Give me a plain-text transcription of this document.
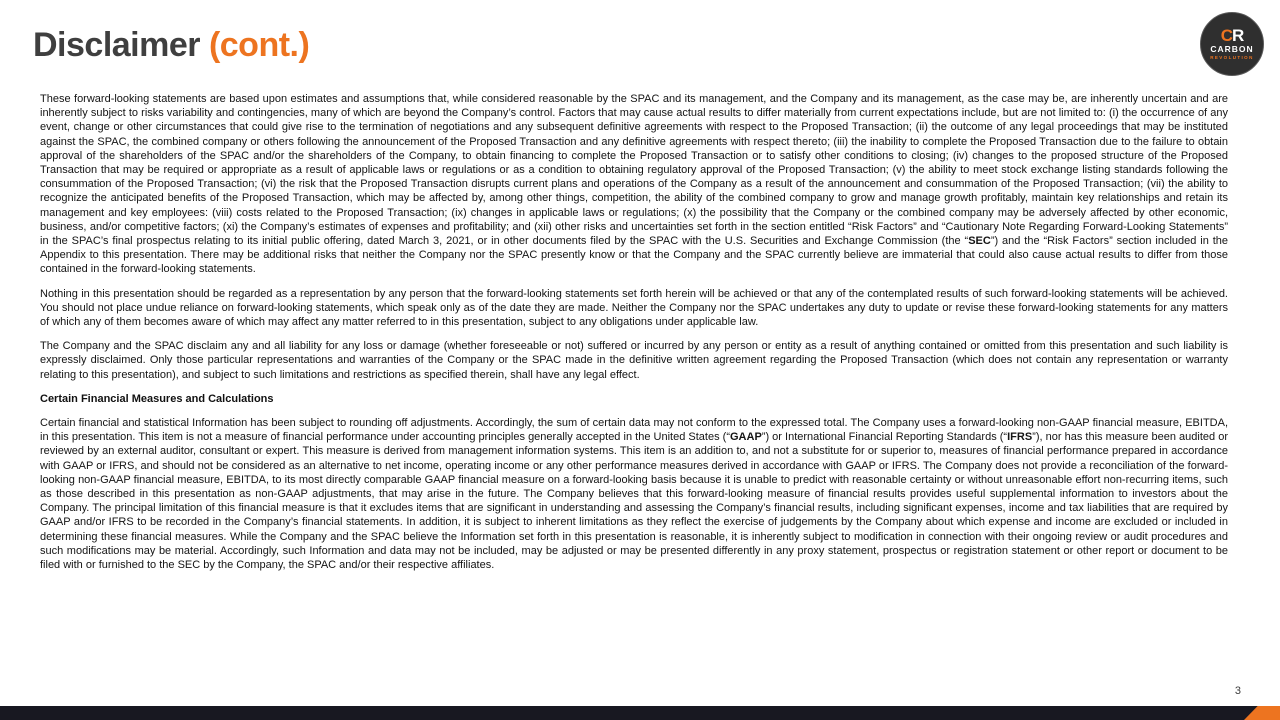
Disclaimer (cont.)	CR
CARBON
REVOLUTION

These forward-looking statements are based upon estimates and assumptions that, while considered reasonable by the SPAC and its management, and the Company and its management, as the case may be, are inherently uncertain and are inherently subject to risks variability and contingencies, many of which are beyond the Company’s control. Factors that may cause actual results to differ materially from current expectations include, but are not limited to: (i) the occurrence of any event, change or other circumstances that could give rise to the termination of negotiations and any subsequent definitive agreements with respect to the Proposed Transaction; (ii) the outcome of any legal proceedings that may be instituted against the SPAC, the combined company or others following the announcement of the Proposed Transaction and any definitive agreements with respect thereto; (iii) the inability to complete the Proposed Transaction due to the failure to obtain approval of the shareholders of the SPAC and/or the shareholders of the Company, to obtain financing to complete the Proposed Transaction or to satisfy other conditions to closing; (iv) changes to the proposed structure of the Proposed Transaction that may be required or appropriate as a result of applicable laws or regulations or as a condition to obtaining regulatory approval of the Proposed Transaction; (v) the ability to meet stock exchange listing standards following the consummation of the Proposed Transaction; (vi) the risk that the Proposed Transaction disrupts current plans and operations of the Company as a result of the announcement and consummation of the Proposed Transaction; (vii) the ability to recognize the anticipated benefits of the Proposed Transaction, which may be affected by, among other things, competition, the ability of the combined company to grow and manage growth profitably, maintain key relationships and retain its management and key employees: (viii) costs related to the Proposed Transaction; (ix) changes in applicable laws or regulations; (x) the possibility that the Company or the combined company may be adversely affected by other economic, business, and/or competitive factors; (xi) the Company’s estimates of expenses and profitability; and (xii) other risks and uncertainties set forth in the section entitled “Risk Factors” and “Cautionary Note Regarding Forward-Looking Statements” in the SPAC’s final prospectus relating to its initial public offering, dated March 3, 2021, or in other documents filed by the SPAC with the U.S. Securities and Exchange Commission (the “SEC”) and the “Risk Factors” section included in the Appendix to this presentation. There may be additional risks that neither the Company nor the SPAC presently know or that the Company and the SPAC currently believe are immaterial that could also cause actual results to differ from those contained in the forward-looking statements.

Nothing in this presentation should be regarded as a representation by any person that the forward-looking statements set forth herein will be achieved or that any of the contemplated results of such forward-looking statements will be achieved. You should not place undue reliance on forward-looking statements, which speak only as of the date they are made. Neither the Company nor the SPAC undertakes any duty to update or revise these forward-looking statements for any matters of which any of them becomes aware of which may affect any matter referred to in this presentation, subject to any obligations under applicable law.

The Company and the SPAC disclaim any and all liability for any loss or damage (whether foreseeable or not) suffered or incurred by any person or entity as a result of anything contained or omitted from this presentation and such liability is expressly disclaimed. Only those particular representations and warranties of the Company or the SPAC made in the definitive written agreement regarding the Proposed Transaction (which does not contain any representation or warranty relating to this presentation), and subject to such limitations and restrictions as specified therein, shall have any legal effect.

Certain Financial Measures and Calculations

Certain financial and statistical Information has been subject to rounding off adjustments. Accordingly, the sum of certain data may not conform to the expressed total. The Company uses a forward-looking non-GAAP financial measure, EBITDA, in this presentation. This item is not a measure of financial performance under accounting principles generally accepted in the United States (“GAAP”) or International Financial Reporting Standards (“IFRS”), nor has this measure been audited or reviewed by an external auditor, consultant or expert. This measure is derived from management information systems. This item is an addition to, and not a substitute for or superior to, measures of financial performance prepared in accordance with GAAP or IFRS, and should not be considered as an alternative to net income, operating income or any other performance measures derived in accordance with GAAP or IFRS. The Company does not provide a reconciliation of the forward-looking non-GAAP financial measure, EBITDA, to its most directly comparable GAAP financial measure on a forward-looking basis because it is unable to predict with reasonable certainty or without unreasonable effort non-recurring items, such as those described in this presentation as non-GAAP adjustments, that may arise in the future. The Company believes that this forward-looking measure of financial results provides useful supplemental information to investors about the Company. The principal limitation of this financial measure is that it excludes items that are significant in understanding and assessing the Company’s financial results, including significant expenses, income and tax liabilities that are required by GAAP and/or IFRS to be recorded in the Company’s financial statements. In addition, it is subject to inherent limitations as they reflect the exercise of judgements by the Company about which expense and income are excluded or included in determining these financial measures. While the Company and the SPAC believe the Information set forth in this presentation is reasonable, it is inherently subject to modification in connection with their ongoing review or audit procedures and such modifications may be material. Accordingly, such Information and data may not be included, may be adjusted or may be presented differently in any proxy statement, prospectus or registration statement or other report or document to be filed with or furnished to the SEC by the Company, the SPAC and/or their respective affiliates.

3
